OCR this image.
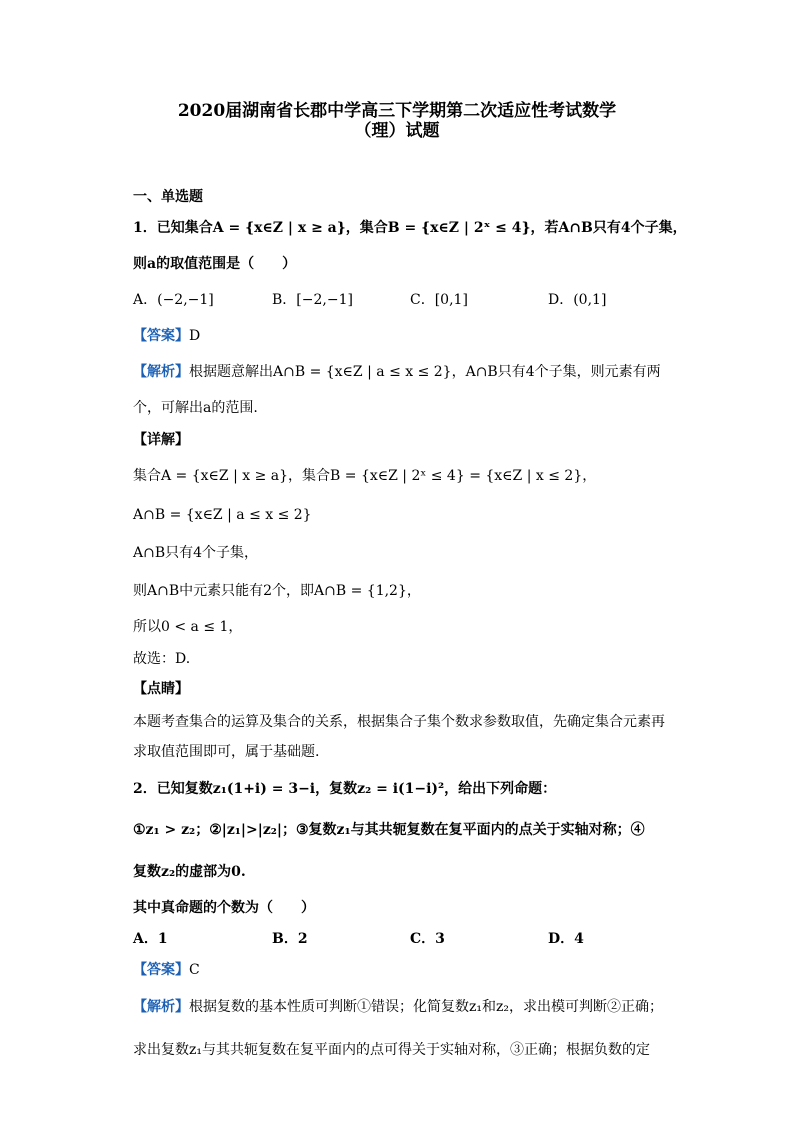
2020届湖南省长郡中学高三下学期第二次适应性考试数学
（理）试题
一、单选题
1．已知集合A = {x∈Z | x ≥ a}，集合B = {x∈Z | 2ˣ ≤ 4}，若A∩B只有4个子集，
则a的取值范围是（　　）
A．(−2,−1]	B．[−2,−1]	C．[0,1]	D．(0,1]
【答案】D
【解析】根据题意解出A∩B = {x∈Z | a ≤ x ≤ 2}，A∩B只有4个子集，则元素有两
个，可解出a的范围.
【详解】
集合A = {x∈Z | x ≥ a}，集合B = {x∈Z | 2ˣ ≤ 4} = {x∈Z | x ≤ 2}，
A∩B = {x∈Z | a ≤ x ≤ 2}
A∩B只有4个子集，
则A∩B中元素只能有2个，即A∩B = {1,2}，
所以0 < a ≤ 1，
故选：D.
【点睛】
本题考查集合的运算及集合的关系，根据集合子集个数求参数取值，先确定集合元素再
求取值范围即可，属于基础题.
2．已知复数z₁(1+i) = 3−i，复数z₂ = i(1−i)²，给出下列命题：
①z₁ > z₂；②|z₁|>|z₂|；③复数z₁与其共轭复数在复平面内的点关于实轴对称；④
复数z₂的虚部为0.
其中真命题的个数为（　　）
A．1	B．2	C．3	D．4
【答案】C
【解析】根据复数的基本性质可判断①错误；化简复数z₁和z₂，求出模可判断②正确；
求出复数z₁与其共轭复数在复平面内的点可得关于实轴对称，③正确；根据负数的定
